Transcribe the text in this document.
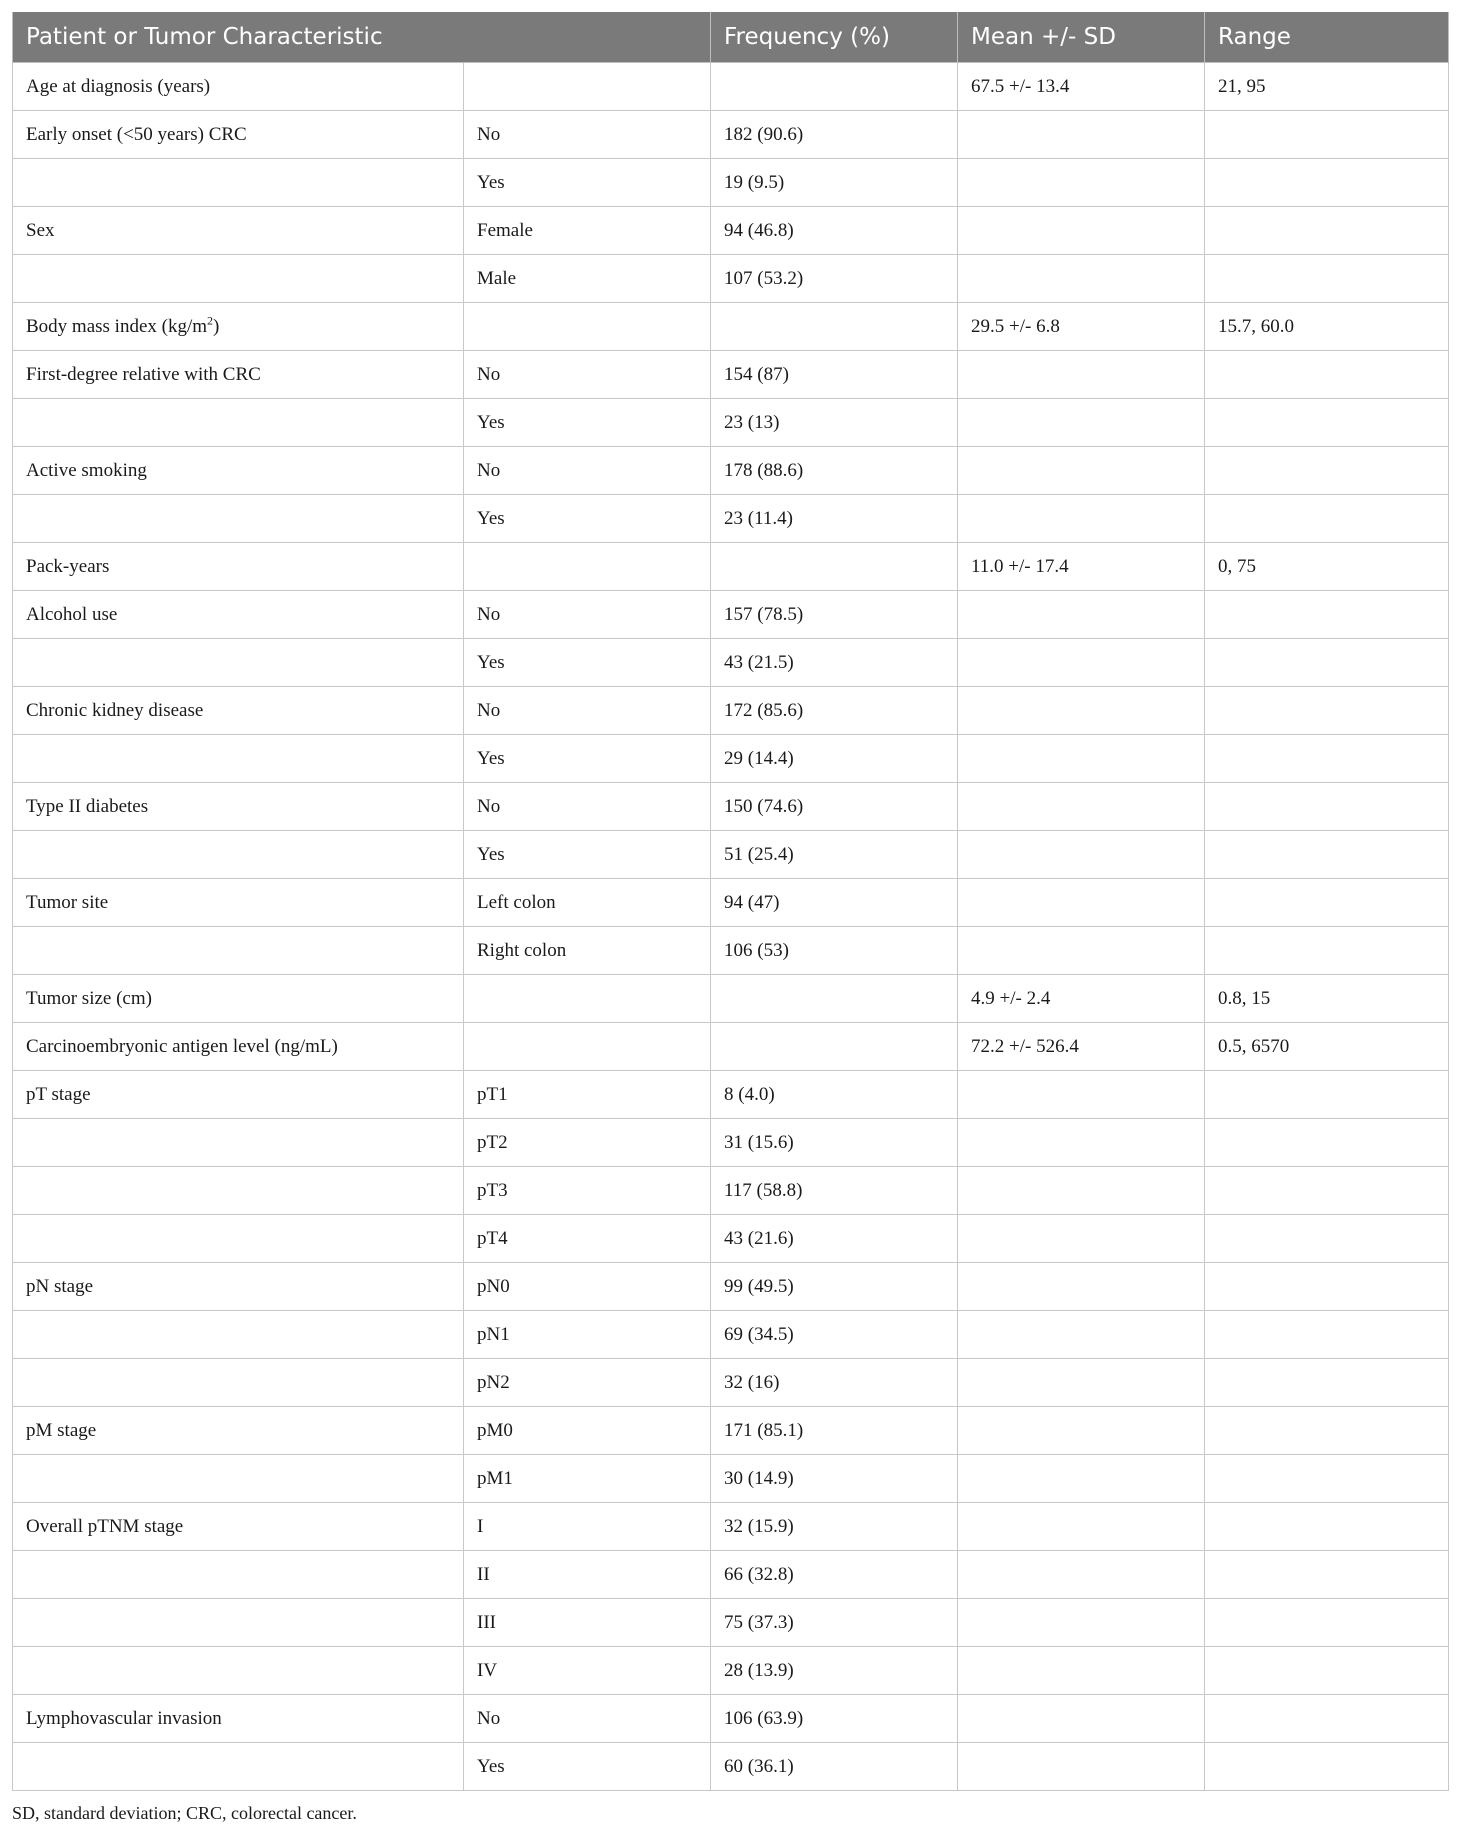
Patient or Tumor Characteristic		Frequency (%)	Mean +/- SD	Range
Age at diagnosis (years)			67.5 +/- 13.4	21, 95
Early onset (<50 years) CRC	No	182 (90.6)		
	Yes	19 (9.5)		
Sex	Female	94 (46.8)		
	Male	107 (53.2)		
Body mass index $(kg/m^2)$			29.5 +/- 6.8	15.7, 60.0
First-degree relative with CRC	No	154 (87)		
	Yes	23 (13)		
Active smoking	No	178 (88.6)		
	Yes	23 (11.4)		
Pack-years			11.0 +/- 17.4	0, 75
Alcohol use	No	157 (78.5)		
	Yes	43 (21.5)		
Chronic kidney disease	No	172 (85.6)		
	Yes	29 (14.4)		
Type II diabetes	No	150 (74.6)		
	Yes	51 (25.4)		
Tumor site	Left colon	94 (47)		
	Right colon	106 (53)		
Tumor size (cm)			4.9 +/- 2.4	0.8, 15
Carcinoembryonic antigen level (ng/mL)			72.2 +/- 526.4	0.5, 6570
pT stage	pT1	8 (4.0)		
	pT2	31 (15.6)		
	pT3	117 (58.8)		
	pT4	43 (21.6)		
pN stage	pN0	99 (49.5)		
	pN1	69 (34.5)		
	pN2	32 (16)		
pM stage	pM0	171 (85.1)		
	pM1	30 (14.9)		
Overall pTNM stage	I	32 (15.9)		
	II	66 (32.8)		
	III	75 (37.3)		
	IV	28 (13.9)		
Lymphovascular invasion	No	106 (63.9)		
	Yes	60 (36.1)		
SD, standard deviation; CRC, colorectal cancer.
